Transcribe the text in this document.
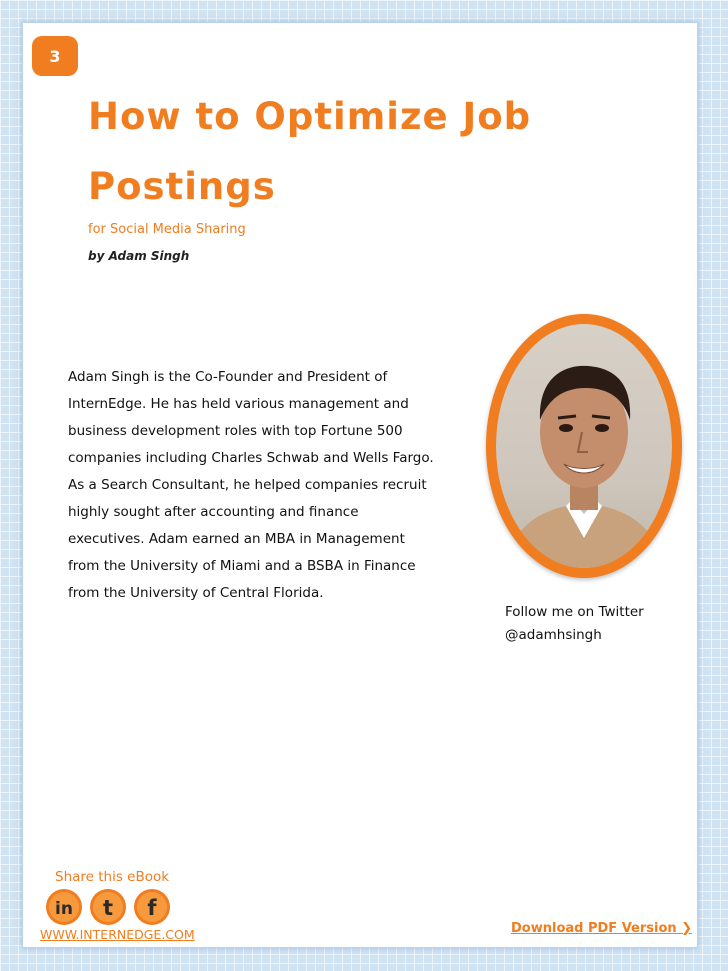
3
How to Optimize Job Postings
for Social Media Sharing
by Adam Singh

Adam Singh is the Co-Founder and President of
InternEdge. He has held various management and
business development roles with top Fortune 500
companies including Charles Schwab and Wells Fargo.
As a Search Consultant, he helped companies recruit
highly sought after accounting and finance
executives. Adam earned an MBA in Management
from the University of Miami and a BSBA in Finance
from the University of Central Florida.

Follow me on Twitter
@adamhsingh
Share this eBook
in t f
WWW.INTERNEDGE.COM	Download PDF Version ❯
